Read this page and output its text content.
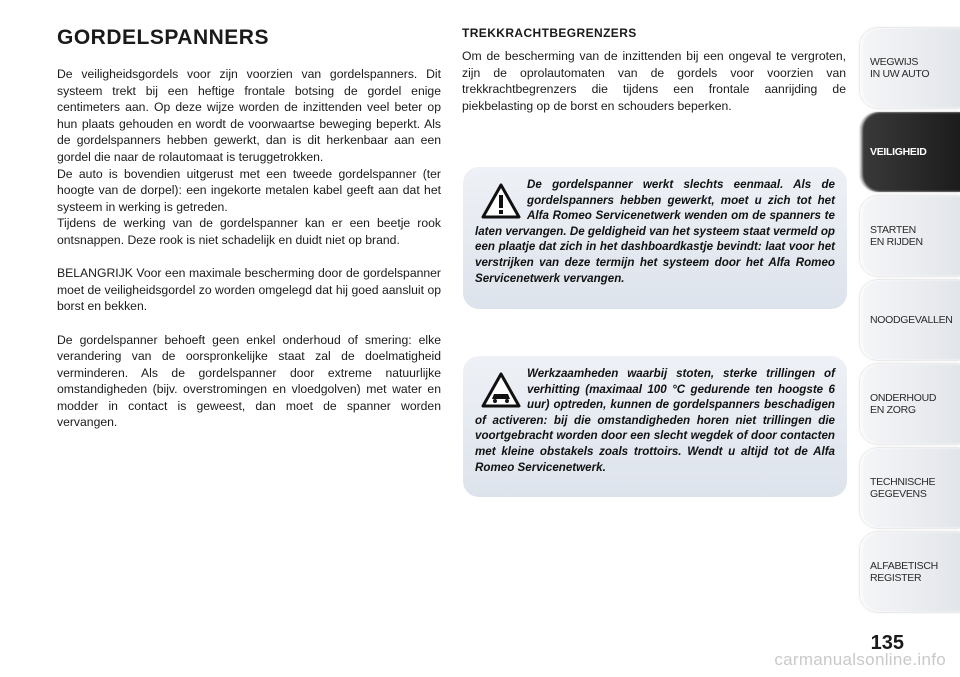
GORDELSPANNERS

De veiligheidsgordels voor zijn voorzien van gordelspanners. Dit systeem trekt bij een heftige frontale botsing de gordel enige centimeters aan. Op deze wijze worden de inzittenden veel beter op hun plaats gehouden en wordt de voorwaartse beweging beperkt. Als de gordelspanners hebben gewerkt, dan is dit herkenbaar aan een gordel die naar de rolautomaat is teruggetrokken.

De auto is bovendien uitgerust met een tweede gordelspanner (ter hoogte van de dorpel): een ingekorte metalen kabel geeft aan dat het systeem in werking is getreden.

Tijdens de werking van de gordelspanner kan er een beetje rook ontsnappen. Deze rook is niet schadelijk en duidt niet op brand.

BELANGRIJK Voor een maximale bescherming door de gordelspanner moet de veiligheidsgordel zo worden omgelegd dat hij goed aansluit op borst en bekken.

De gordelspanner behoeft geen enkel onderhoud of smering: elke verandering van de oorspronkelijke staat zal de doelmatigheid verminderen. Als de gordelspanner door extreme natuurlijke omstandigheden (bijv. overstromingen en vloedgolven) met water en modder in contact is geweest, dan moet de spanner worden vervangen.

TREKKRACHTBEGRENZERS

Om de bescherming van de inzittenden bij een ongeval te vergroten, zijn de oprolautomaten van de gordels voor voorzien van trekkrachtbegrenzers die tijdens een frontale aanrijding de piekbelasting op de borst en schouders beperken.

De gordelspanner werkt slechts eenmaal. Als de gordelspanners hebben gewerkt, moet u zich tot het Alfa Romeo Servicenetwerk wenden om de spanners te laten vervangen. De geldigheid van het systeem staat vermeld op een plaatje dat zich in het dashboardkastje bevindt: laat voor het verstrijken van deze termijn het systeem door het Alfa Romeo Servicenetwerk vervangen.

Werkzaamheden waarbij stoten, sterke trillingen of verhitting (maximaal 100 °C gedurende ten hoogste 6 uur) optreden, kunnen de gordelspanners beschadigen of activeren: bij die omstandigheden horen niet trillingen die voortgebracht worden door een slecht wegdek of door contacten met kleine obstakels zoals trottoirs. Wendt u altijd tot de Alfa Romeo Servicenetwerk.

WEGWIJS
IN UW AUTO
VEILIGHEID
STARTEN
EN RIJDEN
NOODGEVALLEN
ONDERHOUD
EN ZORG
TECHNISCHE
GEGEVENS
ALFABETISCH
REGISTER
135
carmanualsonline.info
